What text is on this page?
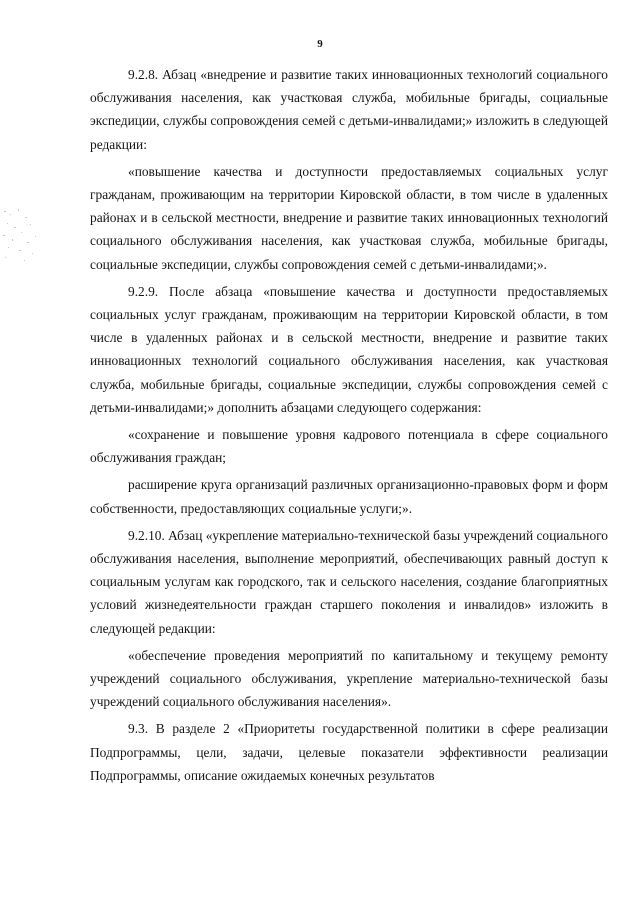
9

9.2.8. Абзац «внедрение и развитие таких инновационных технологий социального обслуживания населения, как участковая служба, мобильные бригады, социальные экспедиции, службы сопровождения семей с детьми-инвалидами;» изложить в следующей редакции:

«повышение качества и доступности предоставляемых социальных услуг гражданам, проживающим на территории Кировской области, в том числе в удаленных районах и в сельской местности, внедрение и развитие таких инновационных технологий социального обслуживания населения, как участковая служба, мобильные бригады, социальные экспедиции, службы сопровождения семей с детьми-инвалидами;».

9.2.9. После абзаца «повышение качества и доступности предоставляемых социальных услуг гражданам, проживающим на территории Кировской области, в том числе в удаленных районах и в сельской местности, внедрение и развитие таких инновационных технологий социального обслуживания населения, как участковая служба, мобильные бригады, социальные экспедиции, службы сопровождения семей с детьми-инвалидами;» дополнить абзацами следующего содержания:

«сохранение и повышение уровня кадрового потенциала в сфере социального обслуживания граждан;

расширение круга организаций различных организационно-правовых форм и форм собственности, предоставляющих социальные услуги;».

9.2.10. Абзац «укрепление материально-технической базы учреждений социального обслуживания населения, выполнение мероприятий, обеспечивающих равный доступ к социальным услугам как городского, так и сельского населения, создание благоприятных условий жизнедеятельности граждан старшего поколения и инвалидов» изложить в следующей редакции:

«обеспечение проведения мероприятий по капитальному и текущему ремонту учреждений социального обслуживания, укрепление материально-технической базы учреждений социального обслуживания населения».

9.3. В разделе 2 «Приоритеты государственной политики в сфере реализации Подпрограммы, цели, задачи, целевые показатели эффективности реализации Подпрограммы, описание ожидаемых конечных результатов
